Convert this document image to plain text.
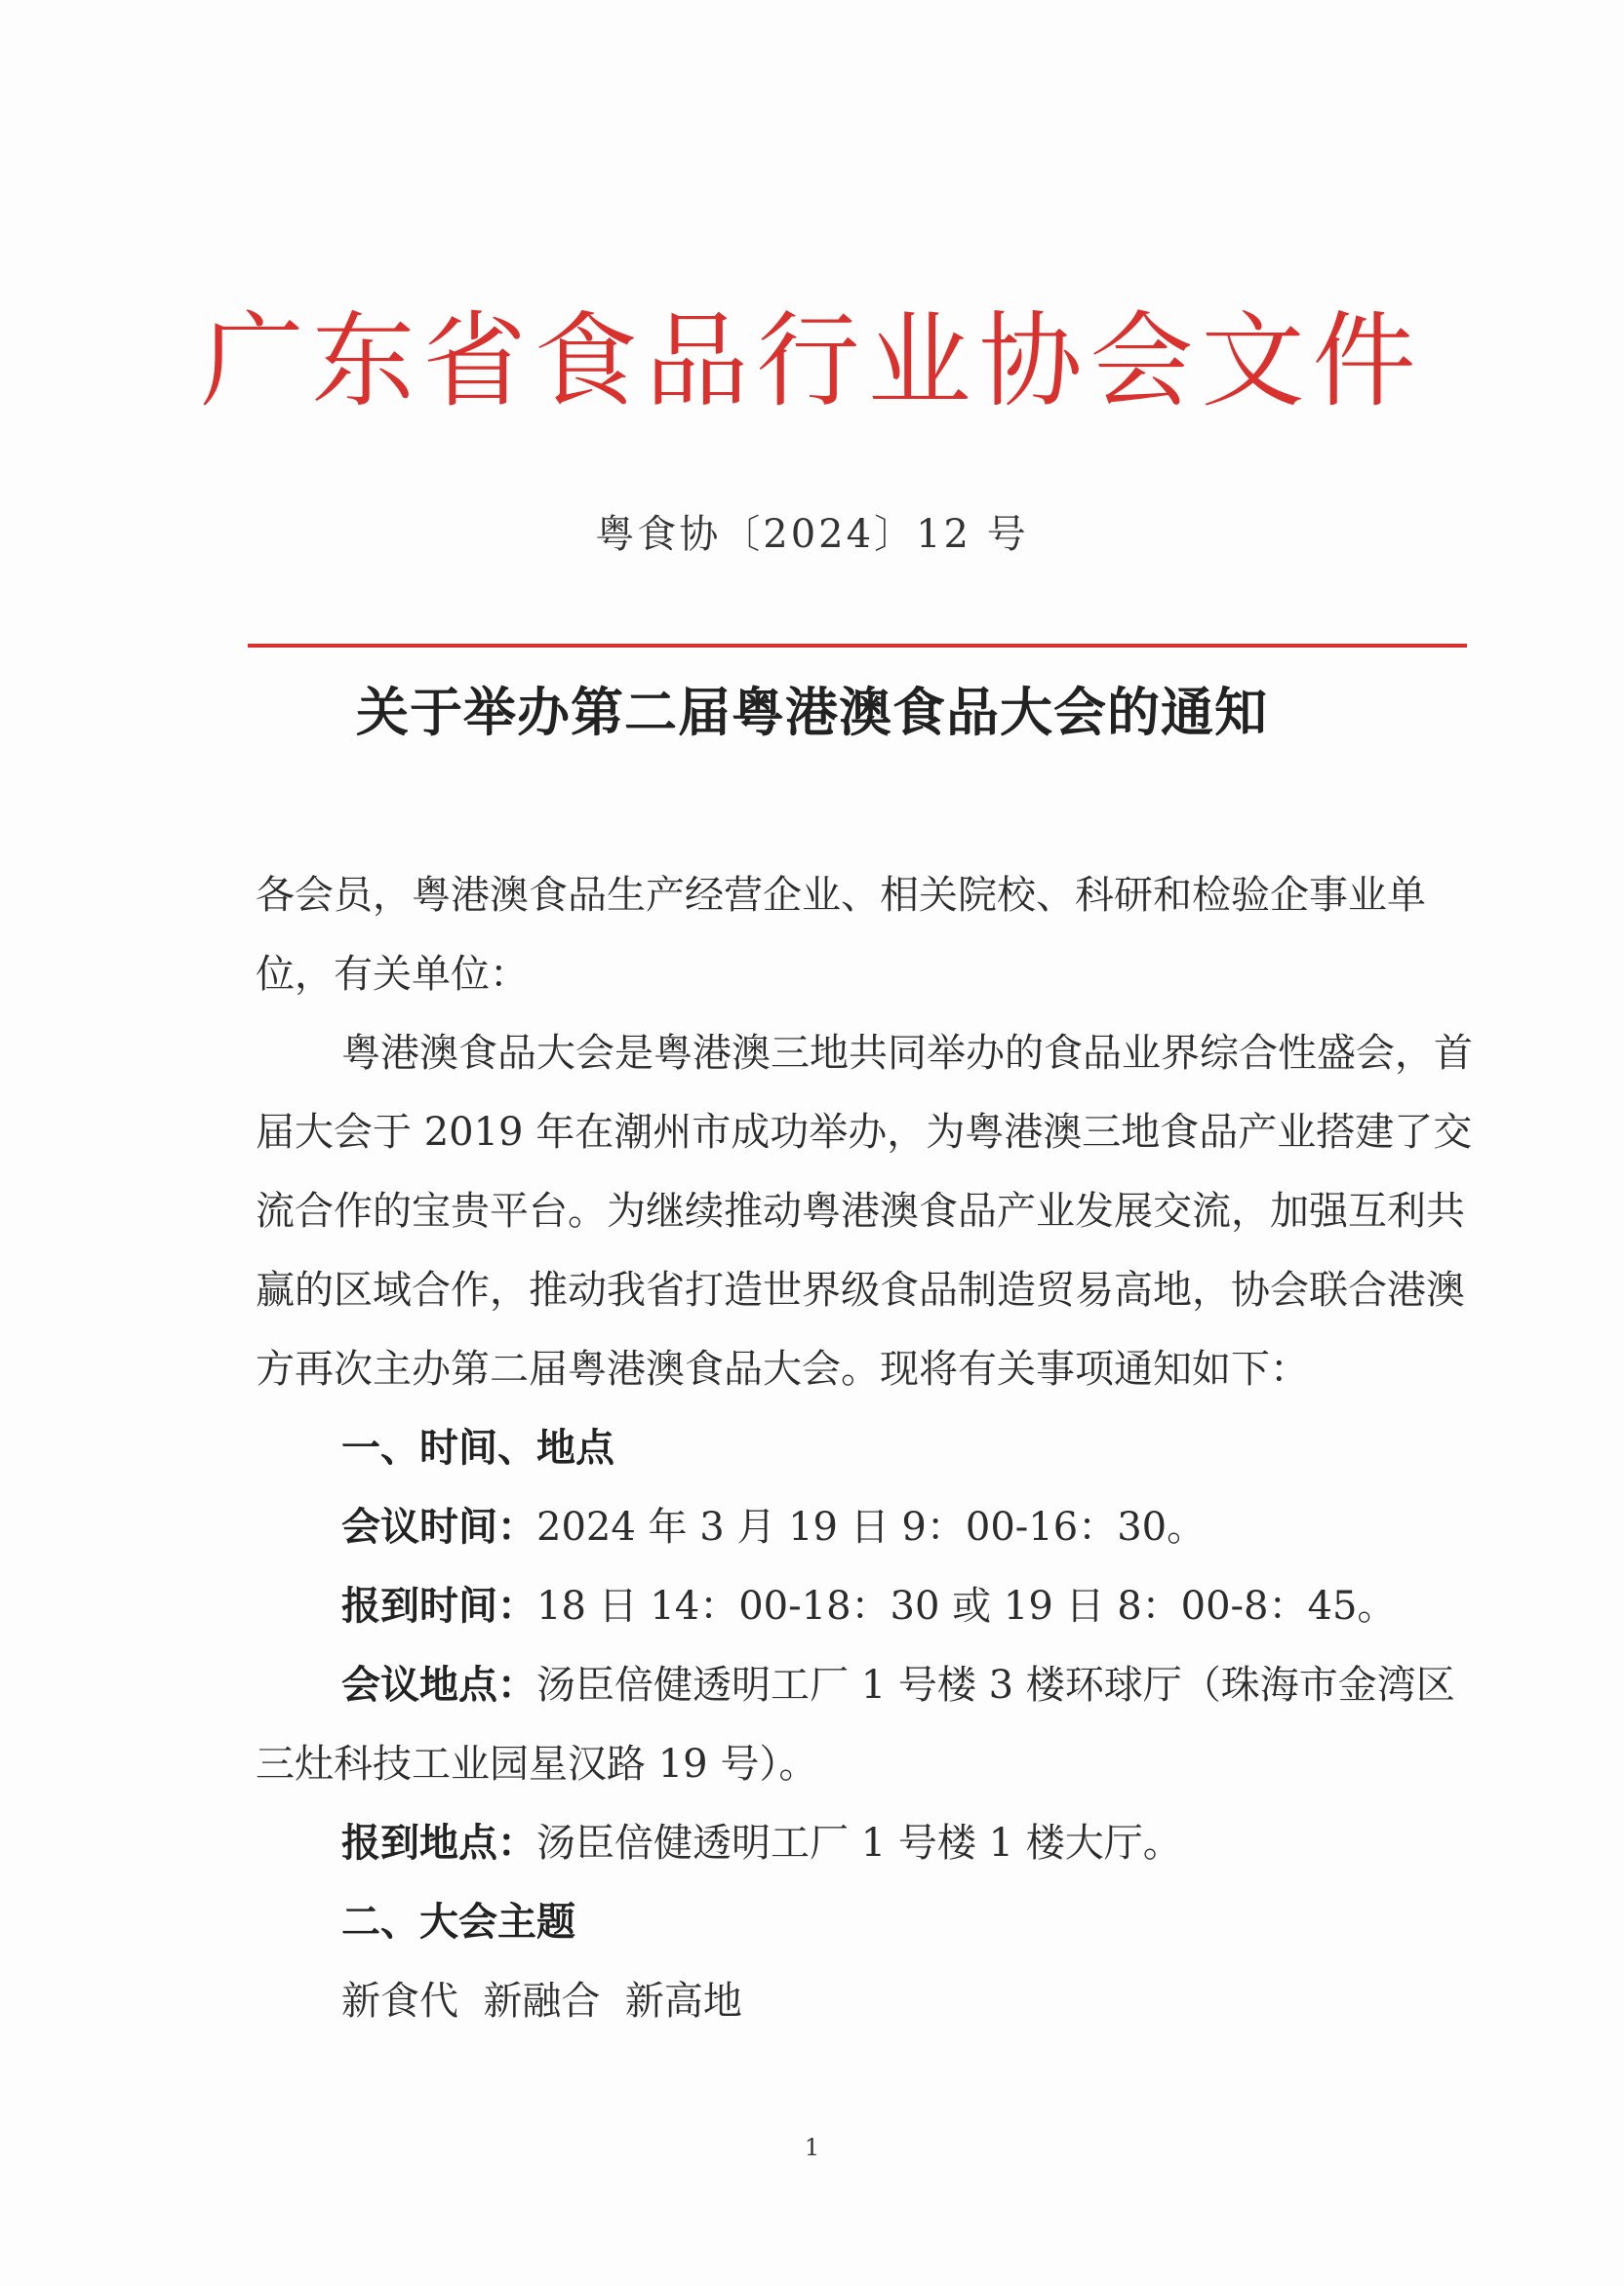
广东省食品行业协会文件
粤食协〔2024〕12 号
关于举办第二届粤港澳食品大会的通知

各会员，粤港澳食品生产经营企业、相关院校、科研和检验企事业单位，有关单位：

粤港澳食品大会是粤港澳三地共同举办的食品业界综合性盛会，首届大会于 2019 年在潮州市成功举办，为粤港澳三地食品产业搭建了交流合作的宝贵平台。为继续推动粤港澳食品产业发展交流，加强互利共赢的区域合作，推动我省打造世界级食品制造贸易高地，协会联合港澳方再次主办第二届粤港澳食品大会。现将有关事项通知如下：

一、时间、地点

会议时间：2024 年 3 月 19 日 9：00-16：30。

报到时间：18 日 14：00-18：30 或 19 日 8：00-8：45。

会议地点：汤臣倍健透明工厂 1 号楼 3 楼环球厅（珠海市金湾区三灶科技工业园星汉路 19 号）。

报到地点：汤臣倍健透明工厂 1 号楼 1 楼大厅。

二、大会主题

新食代  新融合  新高地

1
